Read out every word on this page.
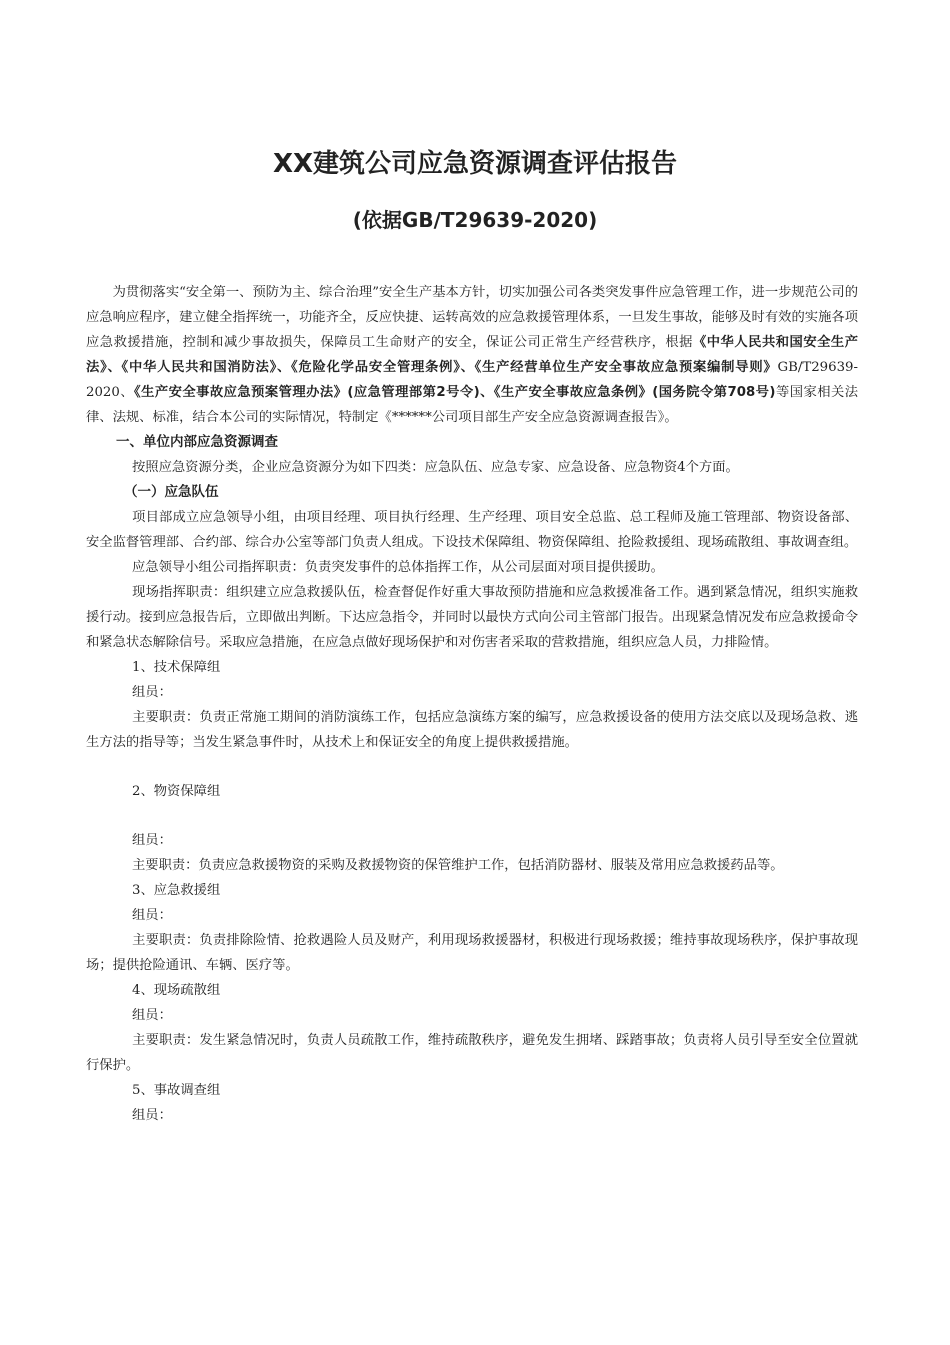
XX建筑公司应急资源调查评估报告
(依据GB/T29639-2020)

为贯彻落实“安全第一、预防为主、综合治理”安全生产基本方针，切实加强公司各类突发事件应急管理工作，进一步规范公司的应急响应程序，建立健全指挥统一，功能齐全，反应快捷、运转高效的应急救援管理体系，一旦发生事故，能够及时有效的实施各项应急救援措施，控制和减少事故损失，保障员工生命财产的安全，保证公司正常生产经营秩序，根据《中华人民共和国安全生产法》、《中华人民共和国消防法》、《危险化学品安全管理条例》、《生产经营单位生产安全事故应急预案编制导则》GB/T29639-2020、《生产安全事故应急预案管理办法》(应急管理部第2号令)、《生产安全事故应急条例》(国务院令第708号)等国家相关法律、法规、标准，结合本公司的实际情况，特制定《******公司项目部生产安全应急资源调查报告》。

一、单位内部应急资源调查

按照应急资源分类，企业应急资源分为如下四类：应急队伍、应急专家、应急设备、应急物资4个方面。

（一）应急队伍

项目部成立应急领导小组，由项目经理、项目执行经理、生产经理、项目安全总监、总工程师及施工管理部、物资设备部、安全监督管理部、合约部、综合办公室等部门负责人组成。下设技术保障组、物资保障组、抢险救援组、现场疏散组、事故调查组。

应急领导小组公司指挥职责：负责突发事件的总体指挥工作，从公司层面对项目提供援助。

现场指挥职责：组织建立应急救援队伍，检查督促作好重大事故预防措施和应急救援准备工作。遇到紧急情况，组织实施救援行动。接到应急报告后，立即做出判断。下达应急指令，并同时以最快方式向公司主管部门报告。出现紧急情况发布应急救援命令和紧急状态解除信号。采取应急措施，在应急点做好现场保护和对伤害者采取的营救措施，组织应急人员，力排险情。

1、技术保障组

组员：

主要职责：负责正常施工期间的消防演练工作，包括应急演练方案的编写，应急救援设备的使用方法交底以及现场急救、逃生方法的指导等；当发生紧急事件时，从技术上和保证安全的角度上提供救援措施。

2、物资保障组

组员：

主要职责：负责应急救援物资的采购及救援物资的保管维护工作，包括消防器材、服装及常用应急救援药品等。

3、应急救援组

组员：

主要职责：负责排除险情、抢救遇险人员及财产，利用现场救援器材，积极进行现场救援；维持事故现场秩序，保护事故现场；提供抢险通讯、车辆、医疗等。

4、现场疏散组

组员：

主要职责：发生紧急情况时，负责人员疏散工作，维持疏散秩序，避免发生拥堵、踩踏事故；负责将人员引导至安全位置就行保护。

5、事故调查组

组员：
